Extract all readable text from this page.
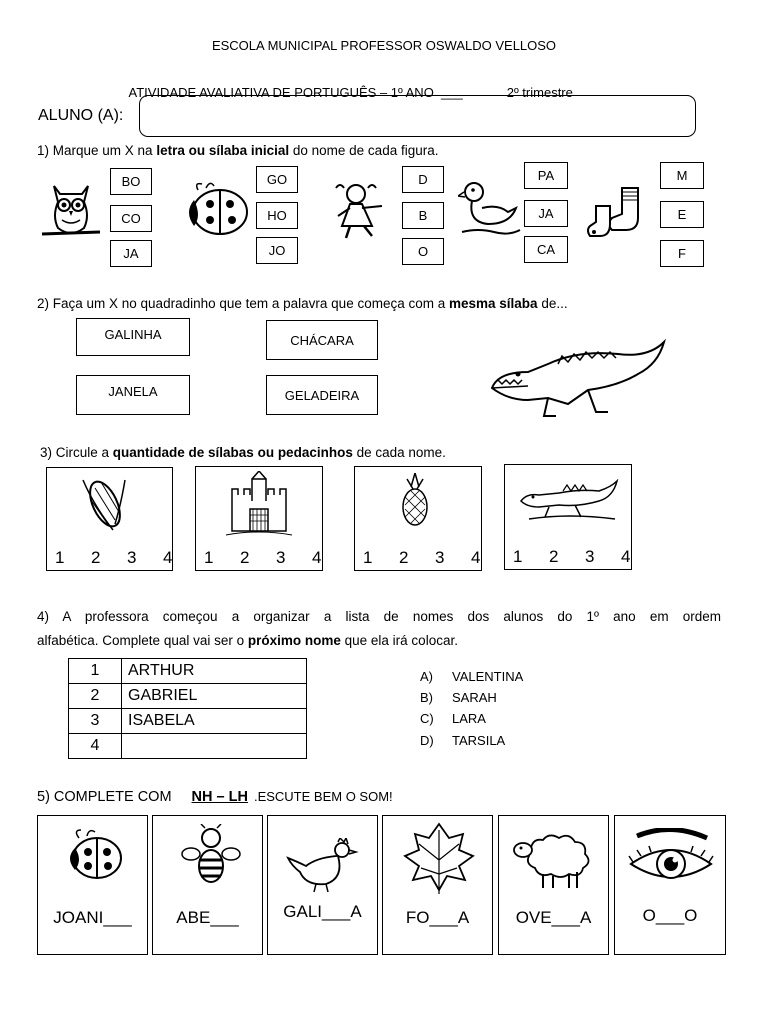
ESCOLA MUNICIPAL PROFESSOR OSWALDO VELLOSO

ATIVIDADE AVALIATIVA DE PORTUGUÊS – 1º ANO  ___	2º trimestre

ALUNO (A):
1) Marque um X na letra ou sílaba inicial do nome de cada figura.
BO
CO
JA
GO
HO
JO
D
B
O
PA
JA
CA
M
E
F
2) Faça um X no quadradinho que tem a palavra que começa com a mesma sílaba de...
GALINHA	CHÁCARA
JANELA	GELADEIRA
3) Circule a quantidade de sílabas ou pedacinhos de cada nome.
1	2	3	4	1	2	3	4	1	2	3	4	1	2	3	4
4) A professora começou a organizar a lista de nomes dos alunos do 1º ano em ordem
alfabética. Complete qual vai ser o próximo nome que ela irá colocar.
1	ARTHUR
2	GABRIEL
3	ISABELA
4	
A) VALENTINA
B) SARAH
C) LARA
D) TARSILA
5) COMPLETE COM NH – LH .ESCUTE BEM O SOM!
JOANI___	ABE___	GALI___A	FO___A	OVE___A	O___O
